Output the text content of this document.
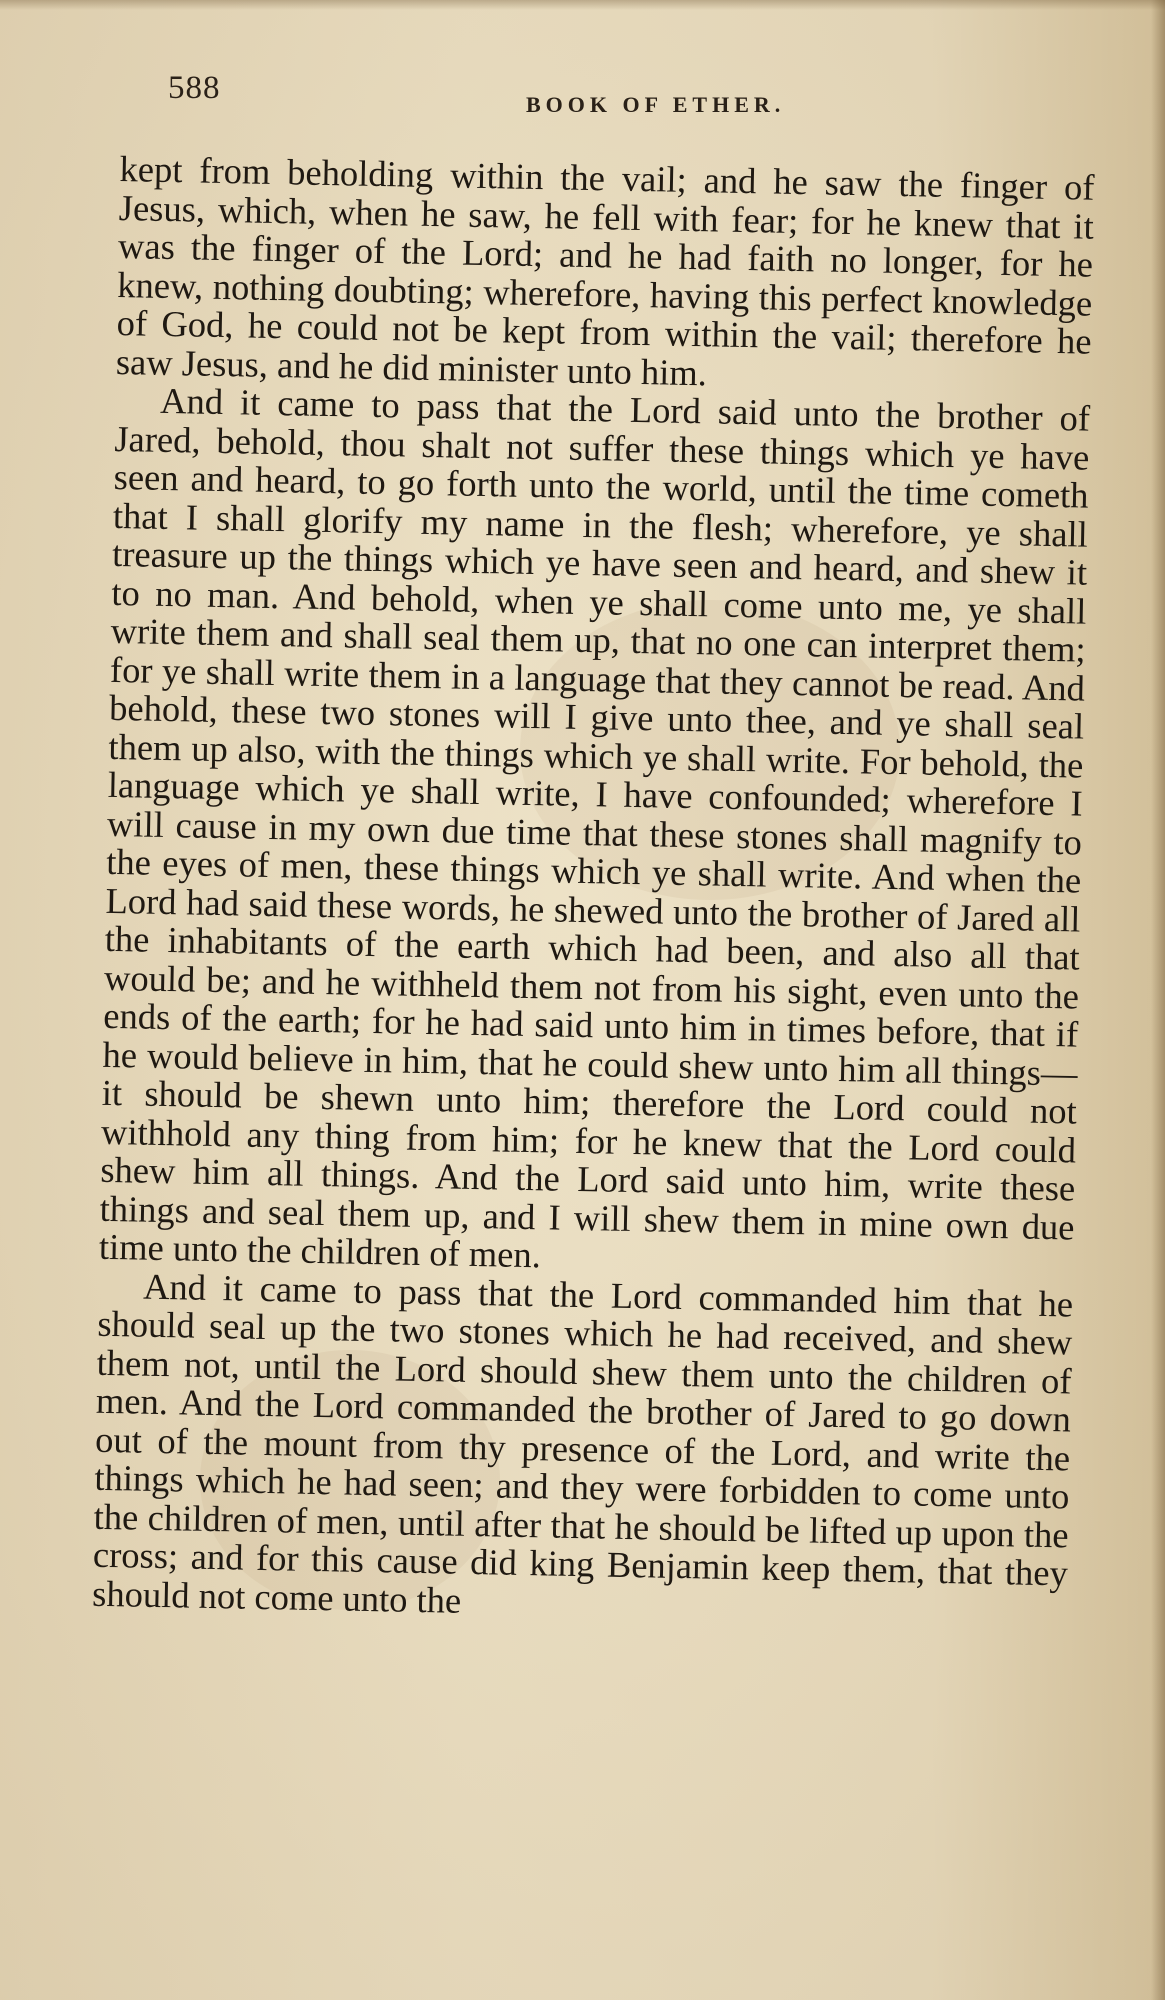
588	BOOK OF ETHER.

kept from beholding within the vail; and he saw the finger of Jesus, which, when he saw, he fell with fear; for he knew that it was the finger of the Lord; and he had faith no longer, for he knew, nothing doubting; wherefore, having this perfect knowledge of God, he could not be kept from within the vail; therefore he saw Jesus, and he did minister unto him.

And it came to pass that the Lord said unto the brother of Jared, behold, thou shalt not suffer these things which ye have seen and heard, to go forth unto the world, until the time cometh that I shall glorify my name in the flesh; wherefore, ye shall treasure up the things which ye have seen and heard, and shew it to no man. And behold, when ye shall come unto me, ye shall write them and shall seal them up, that no one can interpret them; for ye shall write them in a language that they cannot be read. And behold, these two stones will I give unto thee, and ye shall seal them up also, with the things which ye shall write. For behold, the language which ye shall write, I have confounded; wherefore I will cause in my own due time that these stones shall magnify to the eyes of men, these things which ye shall write. And when the Lord had said these words, he shewed unto the brother of Jared all the inhabitants of the earth which had been, and also all that would be; and he withheld them not from his sight, even unto the ends of the earth; for he had said unto him in times before, that if he would believe in him, that he could shew unto him all things—it should be shewn unto him; therefore the Lord could not withhold any thing from him; for he knew that the Lord could shew him all things. And the Lord said unto him, write these things and seal them up, and I will shew them in mine own due time unto the children of men.

And it came to pass that the Lord commanded him that he should seal up the two stones which he had received, and shew them not, until the Lord should shew them unto the children of men. And the Lord commanded the brother of Jared to go down out of the mount from thy presence of the Lord, and write the things which he had seen; and they were forbidden to come unto the children of men, until after that he should be lifted up upon the cross; and for this cause did king Benjamin keep them, that they should not come unto the
